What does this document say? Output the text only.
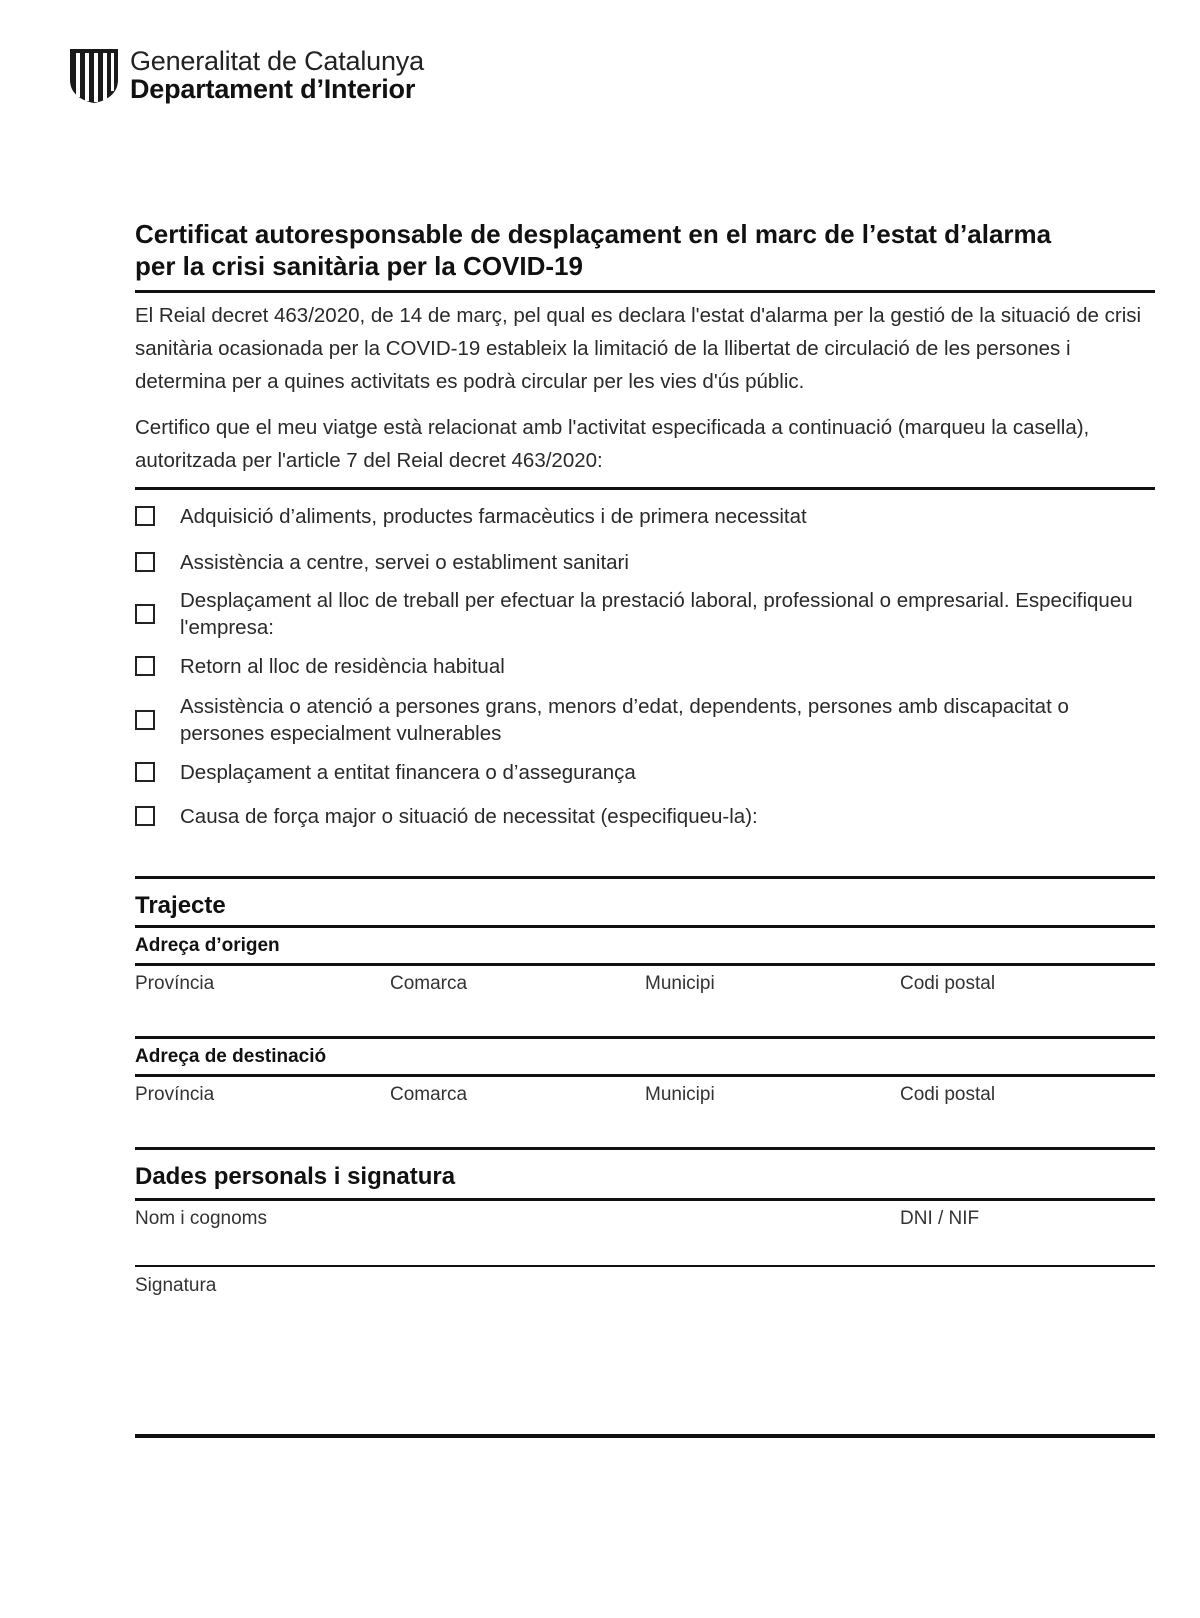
Generalitat de Catalunya
Departament d’Interior
Certificat autoresponsable de desplaçament en el marc de l’estat d’alarma
per la crisi sanitària per la COVID-19

El Reial decret 463/2020, de 14 de març, pel qual es declara l'estat d'alarma per la gestió de la situació de crisi sanitària ocasionada per la COVID-19 estableix la limitació de la llibertat de circulació de les persones i determina per a quines activitats es podrà circular per les vies d'ús públic.

Certifico que el meu viatge està relacionat amb l'activitat especificada a continuació (marqueu la casella), autoritzada per l'article 7 del Reial decret 463/2020:

Adquisició d’aliments, productes farmacèutics i de primera necessitat
Assistència a centre, servei o establiment sanitari
Desplaçament al lloc de treball per efectuar la prestació laboral, professional o empresarial. Especifiqueu l'empresa:
Retorn al lloc de residència habitual
Assistència o atenció a persones grans, menors d’edat, dependents, persones amb discapacitat o persones especialment vulnerables
Desplaçament a entitat financera o d’assegurança
Causa de força major o situació de necessitat (especifiqueu-la):
Trajecte
Adreça d’origen
Província	Comarca	Municipi	Codi postal
Adreça de destinació
Província	Comarca	Municipi	Codi postal
Dades personals i signatura
Nom i cognoms	DNI / NIF
Signatura
